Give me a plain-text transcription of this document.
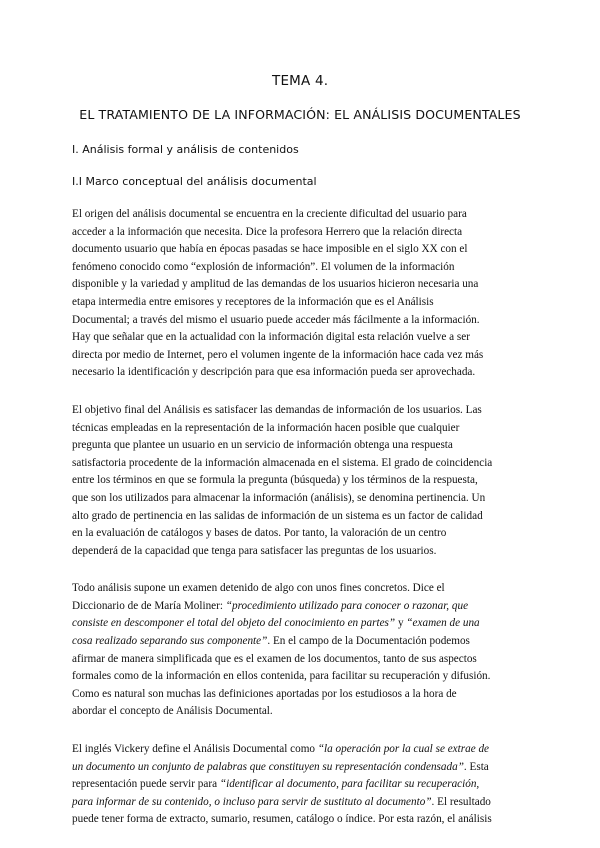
TEMA 4.

EL TRATAMIENTO DE LA INFORMACIÓN: EL ANÁLISIS DOCUMENTALES

I. Análisis formal y análisis de contenidos

I.I Marco conceptual del análisis documental

El origen del análisis documental se encuentra en la creciente dificultad del usuario para
acceder a la información que necesita. Dice la profesora Herrero que la relación directa
documento usuario que había en épocas pasadas se hace imposible en el siglo XX con el
fenómeno conocido como “explosión de información”. El volumen de la información
disponible y la variedad y amplitud de las demandas de los usuarios hicieron necesaria una
etapa intermedia entre emisores y receptores de la información que es el Análisis
Documental; a través del mismo el usuario puede acceder más fácilmente a la información.
Hay que señalar que en la actualidad con la información digital esta relación vuelve a ser
directa por medio de Internet, pero el volumen ingente de la información hace cada vez más
necesario la identificación y descripción para que esa información pueda ser aprovechada.

El objetivo final del Análisis es satisfacer las demandas de información de los usuarios. Las
técnicas empleadas en la representación de la información hacen posible que cualquier
pregunta que plantee un usuario en un servicio de información obtenga una respuesta
satisfactoria procedente de la información almacenada en el sistema. El grado de coincidencia
entre los términos en que se formula la pregunta (búsqueda) y los términos de la respuesta,
que son los utilizados para almacenar la información (análisis), se denomina pertinencia. Un
alto grado de pertinencia en las salidas de información de un sistema es un factor de calidad
en la evaluación de catálogos y bases de datos. Por tanto, la valoración de un centro
dependerá de la capacidad que tenga para satisfacer las preguntas de los usuarios.

Todo análisis supone un examen detenido de algo con unos fines concretos. Dice el
Diccionario de de María Moliner: “procedimiento utilizado para conocer o razonar, que
consiste en descomponer el total del objeto del conocimiento en partes” y “examen de una
cosa realizado separando sus componente”. En el campo de la Documentación podemos
afirmar de manera simplificada que es el examen de los documentos, tanto de sus aspectos
formales como de la información en ellos contenida, para facilitar su recuperación y difusión.
Como es natural son muchas las definiciones aportadas por los estudiosos a la hora de
abordar el concepto de Análisis Documental.

El inglés Vickery define el Análisis Documental como “la operación por la cual se extrae de
un documento un conjunto de palabras que constituyen su representación condensada”. Esta
representación puede servir para “identificar al documento, para facilitar su recuperación,
para informar de su contenido, o incluso para servir de sustituto al documento”. El resultado
puede tener forma de extracto, sumario, resumen, catálogo o índice. Por esta razón, el análisis
